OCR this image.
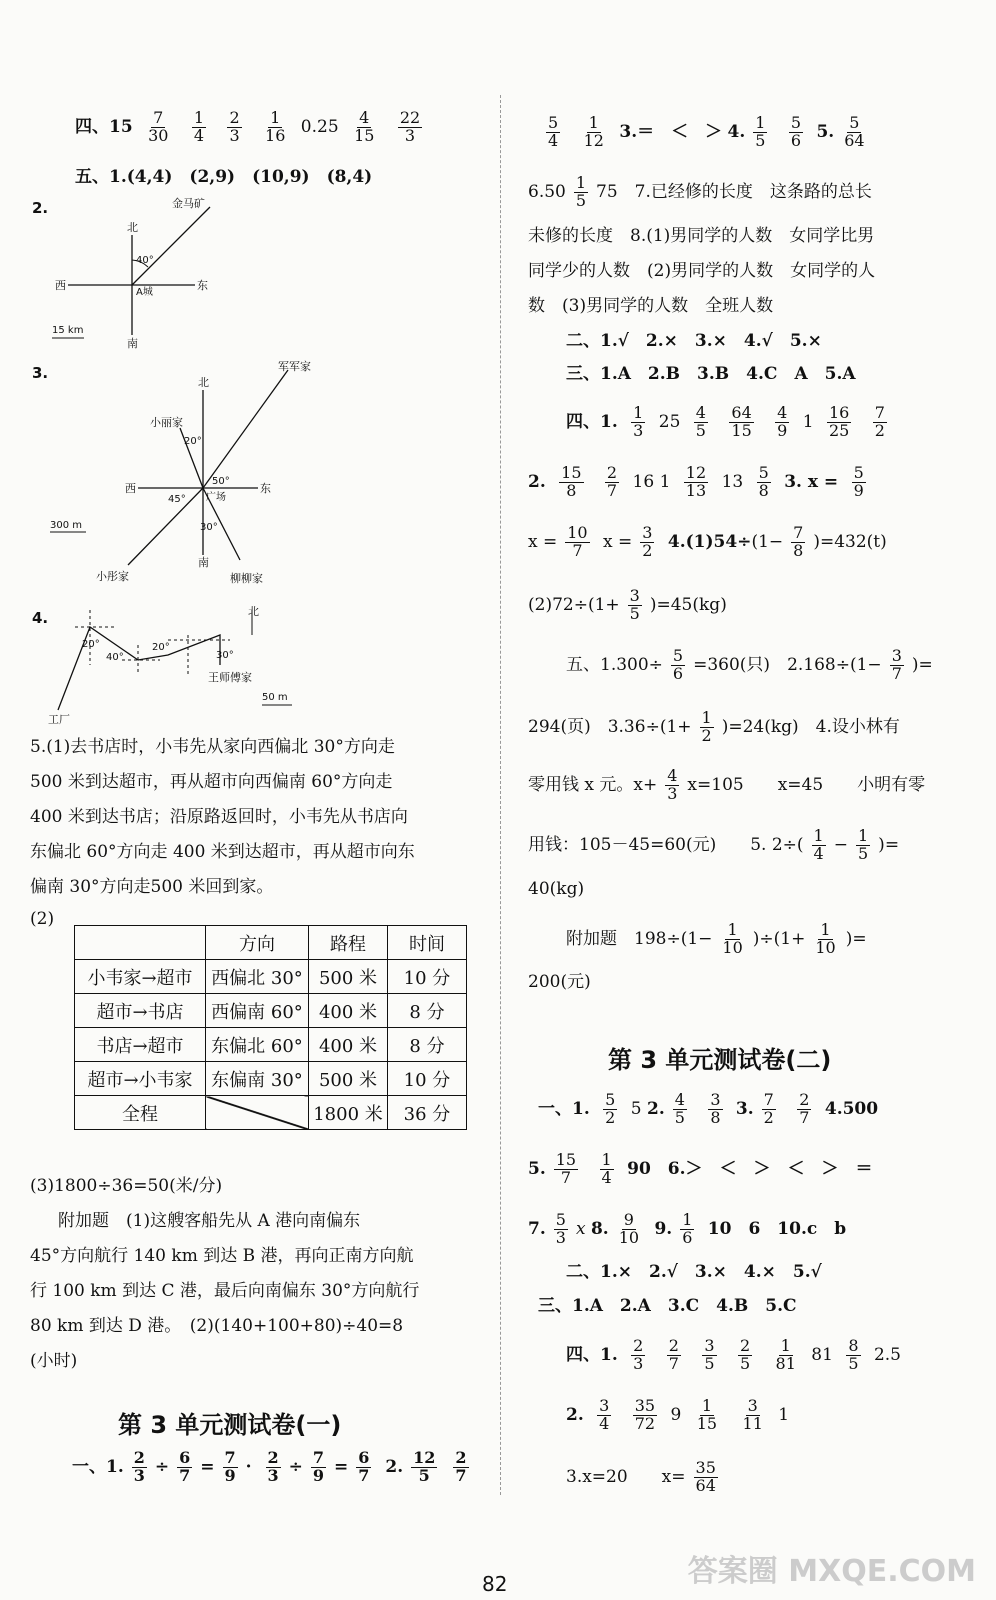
四、$15 \frac{7}{30}$
$\frac{1}{4}$
$\frac{2}{3}$
$\frac{1}{16} 0.25 \frac{4}{15}$
$\frac{22}{3}$
五、1.(4,4)　(2,9)　(10,9)　(8,4)
2.
北
南
东
西
金马矿
40°
A城
15 km
3.
北
南
东
西
军军家
小丽家
小彤家	柳柳家
广场
20°
50°
45°
30°
300 m
4.	北
工厂
王师傅家
20°
40°
20°
30°
50 m
5.(1)去书店时，小韦先从家向西偏北 30°方向走
500 米到达超市，再从超市向西偏南 60°方向走
400 米到达书店；沿原路返回时，小韦先从书店向
东偏北 60°方向走 400 米到达超市，再从超市向东
偏南 30°方向走500 米回到家。
(2)
	方向	路程	时间
小韦家→超市	西偏北 30°	500 米	10 分
超市→书店	西偏南 60°	400 米	8 分
书店→超市	东偏北 60°	400 米	8 分
超市→小韦家	东偏南 30°	500 米	10 分
全程		1800 米	36 分
(3)1800÷36=50(米/分)
附加题　(1)这艘客船先从 A 港向南偏东
45°方向航行 140 km 到达 B 港，再向正南方向航
行 100 km 到达 C 港，最后向南偏东 30°方向航行
80 km 到达 D 港。　(2)(140+100+80)÷40=8
(小时)
第 3 单元测试卷(一)
一、1. $\frac{2}{3} \div \frac{6}{7} = \frac{7}{9} \cdot \frac{2}{3} \div \frac{7}{9} = \frac{6}{7} 2$. $\frac{12}{5} \frac{2}{7}$
$\frac{5}{4}$
$\frac{1}{12} 3.=$　＜　＞ 4. $\frac{1}{5}$
$\frac{5}{6} 5$. $\frac{5}{64}$
$6.50 \frac{1}{5} 75$　7.已经修的长度　这条路的总长
未修的长度　8.(1)男同学的人数　女同学比男
同学少的人数　(2)男同学的人数　女同学的人
数　(3)男同学的人数　全班人数
二、1.√　2.×　3.×　4.√　5.×
三、1.A　2.B　3.B　4.C　A　5.A
四、1. $\frac{1}{3} 25 \frac{4}{5}$
$\frac{64}{15}$
$\frac{4}{9} 1 \frac{16}{25}$
$\frac{7}{2}$
2. $\frac{15}{8}$
$\frac{2}{7} 16$ $1 \frac{12}{13} 13 \frac{5}{8} 3$. $x = \frac{5}{9}$
$x = \frac{10}{7}$ $x = \frac{3}{2} 4.(1)54\div(1- \frac{7}{8} )=432(t)$
$(2)72\div(1+ \frac{3}{5} )=45(kg)$
五、$1.300\div \frac{5}{6} =360$(只)　$2.168\div(1- \frac{3}{7}$ )=
294(页)　$3.36\div(1+ \frac{1}{2} )=24(kg)$　4.设小林有
零用钱 x 元。$x+ \frac{4}{3} x=105$　　x=45　　小明有零
用钱：105－45=60(元)　　5. $2\div( \frac{1}{4} - \frac{1}{5}$ )=
40(kg)
附加题　$198\div(1- \frac{1}{10} )\div(1+ \frac{1}{10}$ )=
200(元)
第 3 单元测试卷(二)
一、1. $\frac{5}{2} 5$ 2. $\frac{4}{5}$
$\frac{3}{8} 3$. $\frac{7}{2}$
$\frac{2}{7} 4.500$
5. $\frac{15}{7}$
$\frac{1}{4} 90$　6.＞　＜　＞　＜　＞　＝
7. $\frac{5}{3}$ x 8. $\frac{9}{10} 9$. $\frac{1}{6} 10$　6　10.c　b
二、1.×　2.√　3.×　4.×　5.√
三、1.A　2.A　3.C　4.B　5.C
四、1. $\frac{2}{3}$
$\frac{2}{7}$
$\frac{3}{5}$
$\frac{2}{5}$
$\frac{1}{81} 81 \frac{8}{5} 2.5$
2. $\frac{3}{4}$
$\frac{35}{72} 9 \frac{1}{15}$
$\frac{3}{11} 1$
3.x=20　　$x= \frac{35}{64}$
82	答案圈 MXQE.COM
